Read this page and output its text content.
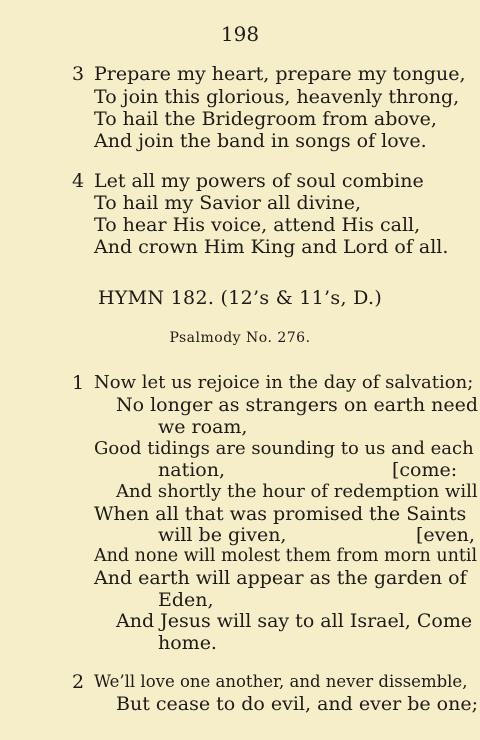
198
3 Prepare my heart, prepare my tongue,
To join this glorious, heavenly throng,
To hail the Bridegroom from above,
And join the band in songs of love.
4 Let all my powers of soul combine
To hail my Savior all divine,
To hear His voice, attend His call,
And crown Him King and Lord of all.
HYMN 182. (12’s & 11’s, D.)
Psalmody No. 276.
1 Now let us rejoice in the day of salvation;
No longer as strangers on earth need
we roam,
Good tidings are sounding to us and each
nation,	[come:
And shortly the hour of redemption will
When all that was promised the Saints
will be given,	[even,
And none will molest them from morn until
And earth will appear as the garden of
Eden,
And Jesus will say to all Israel, Come
home.
2 We’ll love one another, and never dissemble,
But cease to do evil, and ever be one;
